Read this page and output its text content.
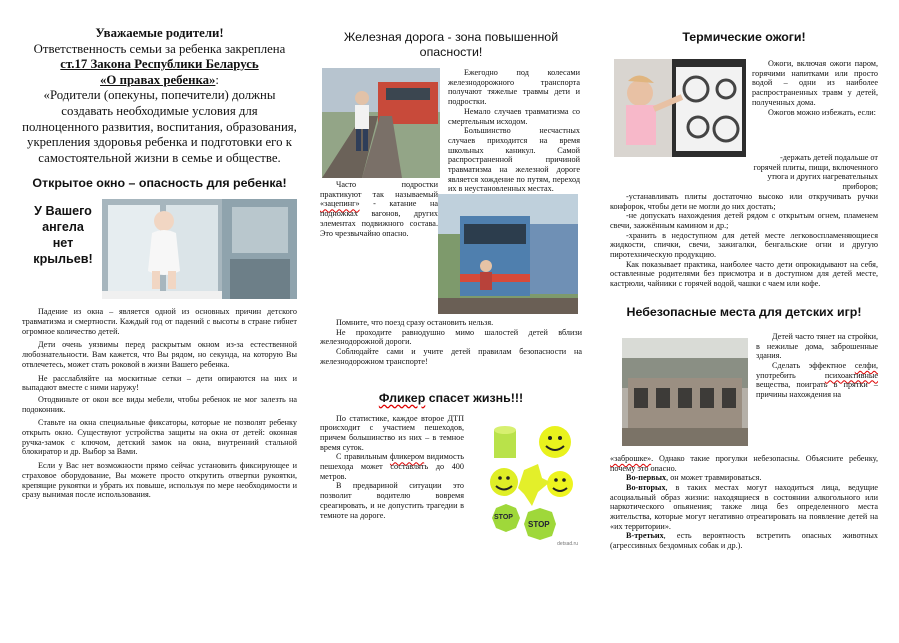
Уважаемые родители!

Ответственность семьи за ребенка закреплена

ст.17 Закона Республики Беларусь

«О правах ребенка»:

«Родители (опекуны, попечители) должны создавать необходимые условия для полноценного развития, воспитания, образования, укрепления здоровья ребенка и подготовки его к самостоятельной жизни в семье и обществе.

Открытое окно – опасность для ребенка!

У Вашего ангела нет крыльев!

Падение из окна – является одной из основных причин детского травматизма и смертности. Каждый год от падений с высоты в стране гибнет огромное количество детей.

Дети очень уязвимы перед раскрытым окном из-за естественной любознательности. Вам кажется, что Вы рядом, но секунда, на которую Вы отвлечетесь, может стать роковой в жизни Вашего ребенка.

Не расслабляйте на москитные сетки – дети опираются на них и выпадают вместе с ними наружу!

Отодвиньте от окон все виды мебели, чтобы ребенок не мог залезть на подоконник.

Ставьте на окна специальные фиксаторы, которые не позволят ребенку открыть окно. Существуют устройства защиты на окна от детей: оконная ручка-замок с ключом, детский замок на окна, внутренний стальной блокиратор и др. Выбор за Вами.

Если у Вас нет возможности прямо сейчас установить фиксирующее и страховое оборудование, Вы можете просто открутить отвертки рукоятки, крепящие рукоятки и убрать их повыше, используя по мере необходимости и сразу вынимая после использования.

Железная дорога - зона повышенной опасности!

Ежегодно под колесами железнодорожного транспорта получают тяжелые травмы дети и подростки.

Немало случаев травматизма со смертельным исходом.

Большинство несчастных случаев приходится на время школьных каникул. Самой распространенной причиной травматизма на железной дороге является хождение по путям, переход их в неустановленных местах.

Часто подростки практикуют так называемый «зацепинг» - катание на подножках вагонов, других элементах подвижного состава. Это чрезвычайно опасно.

Помните, что поезд сразу остановить нельзя.

Не проходите равнодушно мимо шалостей детей вблизи железнодорожной дороги.

Соблюдайте сами и учите детей правилам безопасности на железнодорожном транспорте!

Фликер спасет жизнь!!!

По статистике, каждое второе ДТП происходит с участием пешеходов, причем большинство из них – в темное время суток.

С правильным фликером видимость пешехода может составлять до 400 метров.

В предвариной ситуации это позволит водителю вовремя среагировать, и не допустить трагедии в темноте на дороге.	STOP
STOP
detsad.ru

Термические ожоги!

Ожоги, включая ожоги паром, горячими напитками или просто водой – одни из наиболее распространенных травм у детей, полученных дома.

Ожогов можно избежать, если:

-держать детей подальше от горячей плиты, пищи, включенного утюга и других нагревательных приборов;

-устанавливать плиты достаточно высоко или откручивать ручки конфорок, чтобы дети не могли до них достать;

-не допускать нахождения детей рядом с открытым огнем, пламенем свечи, зажжённым камином и др.;

-хранить в недоступном для детей месте легковоспламеняющиеся жидкости, спички, свечи, зажигалки, бенгальские огни и другую пиротехническую продукцию.

Как показывает практика, наиболее часто дети опрокидывают на себя, оставленные родителями без присмотра и в доступном для детей месте, кастрюли, чайники с горячей водой, чашки с чаем или кофе.

Небезопасные места для детских игр!

Детей часто тянет на стройки, в нежилые дома, заброшенные здания.

Сделать эффектное селфи, употребить	психоактивные вещества, поиграть в прятки – причины нахождения на

«заброшке». Однако такие прогулки небезопасны. Объясните ребенку, почему это опасно.

Во-первых, он может травмироваться.

Во-вторых, в таких местах могут находиться лица, ведущие асоциальный образ жизни: находящиеся в состоянии алкогольного или наркотического опьянения; также лица без определенного места жительства, которые могут негативно отреагировать на появление детей на «их территории».

В-третьих, есть вероятность встретить опасных животных (агрессивных бездомных собак и др.).
